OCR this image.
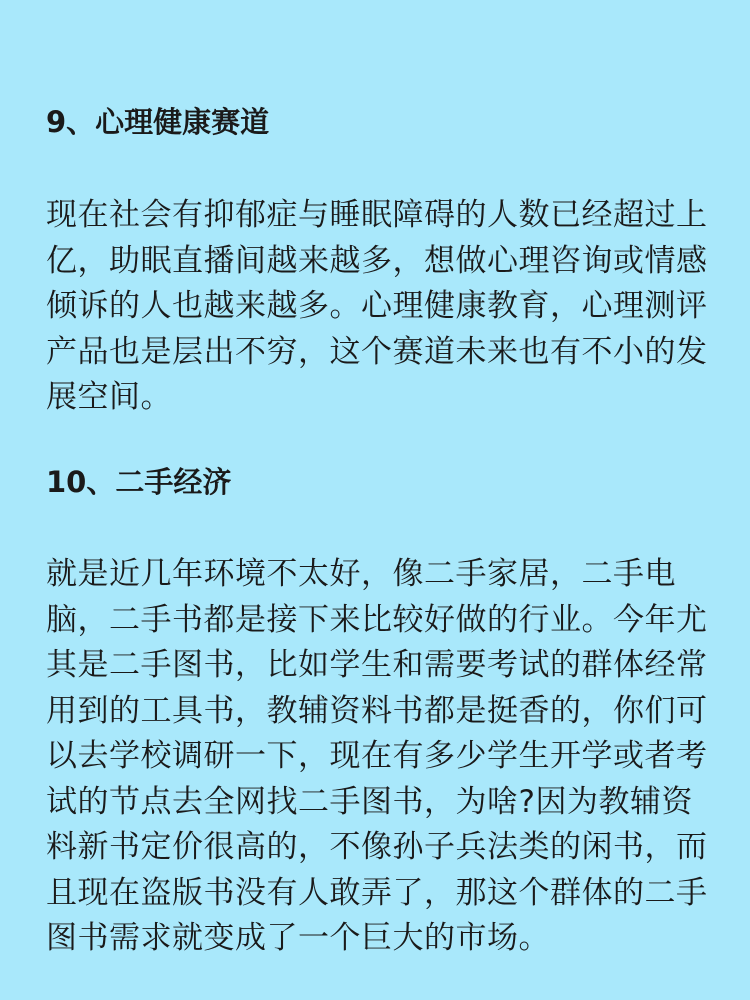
9、心理健康赛道
现在社会有抑郁症与睡眠障碍的人数已经超过上
亿，助眠直播间越来越多，想做心理咨询或情感
倾诉的人也越来越多。心理健康教育，心理测评
产品也是层出不穷，这个赛道未来也有不小的发
展空间。
10、二手经济
就是近几年环境不太好，像二手家居，二手电
脑，二手书都是接下来比较好做的行业。今年尤
其是二手图书，比如学生和需要考试的群体经常
用到的工具书，教辅资料书都是挺香的，你们可
以去学校调研一下，现在有多少学生开学或者考
试的节点去全网找二手图书，为啥?因为教辅资
料新书定价很高的，不像孙子兵法类的闲书，而
且现在盗版书没有人敢弄了，那这个群体的二手
图书需求就变成了一个巨大的市场。
